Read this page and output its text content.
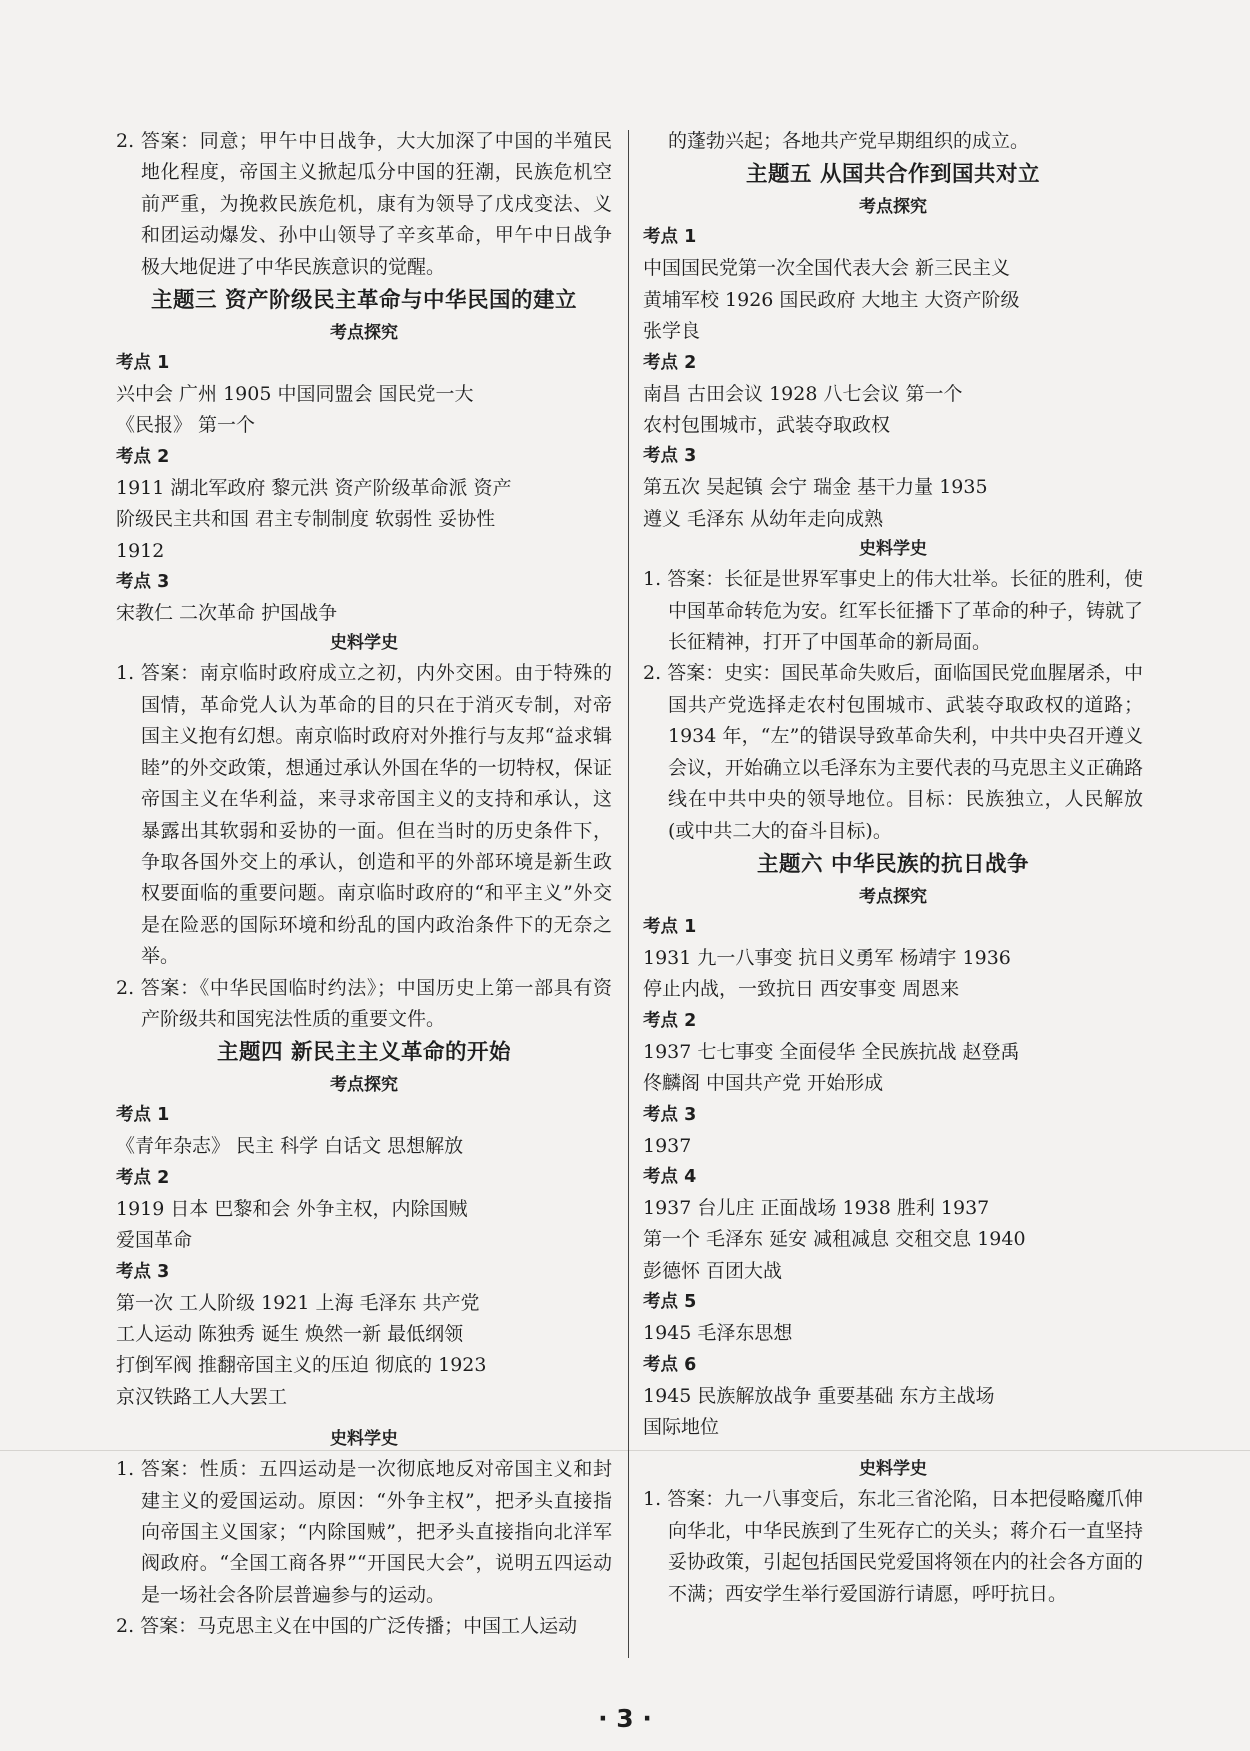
2. 答案：同意；甲午中日战争，大大加深了中国的半殖民地化程度，帝国主义掀起瓜分中国的狂潮，民族危机空前严重，为挽救民族危机，康有为领导了戊戌变法、义和团运动爆发、孙中山领导了辛亥革命，甲午中日战争极大地促进了中华民族意识的觉醒。
主题三 资产阶级民主革命与中华民国的建立
考点探究
考点 1
兴中会 广州 1905 中国同盟会 国民党一大
《民报》 第一个
考点 2
1911 湖北军政府 黎元洪 资产阶级革命派 资产
阶级民主共和国 君主专制制度 软弱性 妥协性
1912
考点 3
宋教仁 二次革命 护国战争
史料学史
1. 答案：南京临时政府成立之初，内外交困。由于特殊的国情，革命党人认为革命的目的只在于消灭专制，对帝国主义抱有幻想。南京临时政府对外推行与友邦“益求辑睦”的外交政策，想通过承认外国在华的一切特权，保证帝国主义在华利益，来寻求帝国主义的支持和承认，这暴露出其软弱和妥协的一面。但在当时的历史条件下，争取各国外交上的承认，创造和平的外部环境是新生政权要面临的重要问题。南京临时政府的“和平主义”外交是在险恶的国际环境和纷乱的国内政治条件下的无奈之举。
2. 答案：《中华民国临时约法》；中国历史上第一部具有资产阶级共和国宪法性质的重要文件。
主题四 新民主主义革命的开始
考点探究
考点 1
《青年杂志》 民主 科学 白话文 思想解放
考点 2
1919 日本 巴黎和会 外争主权，内除国贼
爱国革命
考点 3
第一次 工人阶级 1921 上海 毛泽东 共产党
工人运动 陈独秀 诞生 焕然一新 最低纲领
打倒军阀 推翻帝国主义的压迫 彻底的 1923
京汉铁路工人大罢工
史料学史
1. 答案：性质：五四运动是一次彻底地反对帝国主义和封建主义的爱国运动。原因：“外争主权”，把矛头直接指向帝国主义国家；“内除国贼”，把矛头直接指向北洋军阀政府。“全国工商各界”“开国民大会”，说明五四运动是一场社会各阶层普遍参与的运动。
2. 答案：马克思主义在中国的广泛传播；中国工人运动
的蓬勃兴起；各地共产党早期组织的成立。
主题五 从国共合作到国共对立
考点探究
考点 1
中国国民党第一次全国代表大会 新三民主义
黄埔军校 1926 国民政府 大地主 大资产阶级
张学良
考点 2
南昌 古田会议 1928 八七会议 第一个
农村包围城市，武装夺取政权
考点 3
第五次 吴起镇 会宁 瑞金 基干力量 1935
遵义 毛泽东 从幼年走向成熟
史料学史
1. 答案：长征是世界军事史上的伟大壮举。长征的胜利，使中国革命转危为安。红军长征播下了革命的种子，铸就了长征精神，打开了中国革命的新局面。
2. 答案：史实：国民革命失败后，面临国民党血腥屠杀，中国共产党选择走农村包围城市、武装夺取政权的道路；1934 年，“左”的错误导致革命失利，中共中央召开遵义会议，开始确立以毛泽东为主要代表的马克思主义正确路线在中共中央的领导地位。目标：民族独立，人民解放(或中共二大的奋斗目标)。
主题六 中华民族的抗日战争
考点探究
考点 1
1931 九一八事变 抗日义勇军 杨靖宇 1936
停止内战，一致抗日 西安事变 周恩来
考点 2
1937 七七事变 全面侵华 全民族抗战 赵登禹
佟麟阁 中国共产党 开始形成
考点 3
1937
考点 4
1937 台儿庄 正面战场 1938 胜利 1937
第一个 毛泽东 延安 减租减息 交租交息 1940
彭德怀 百团大战
考点 5
1945 毛泽东思想
考点 6
1945 民族解放战争 重要基础 东方主战场
国际地位
史料学史
1. 答案：九一八事变后，东北三省沦陷，日本把侵略魔爪伸向华北，中华民族到了生死存亡的关头；蒋介石一直坚持妥协政策，引起包括国民党爱国将领在内的社会各方面的不满；西安学生举行爱国游行请愿，呼吁抗日。
· 3 ·
